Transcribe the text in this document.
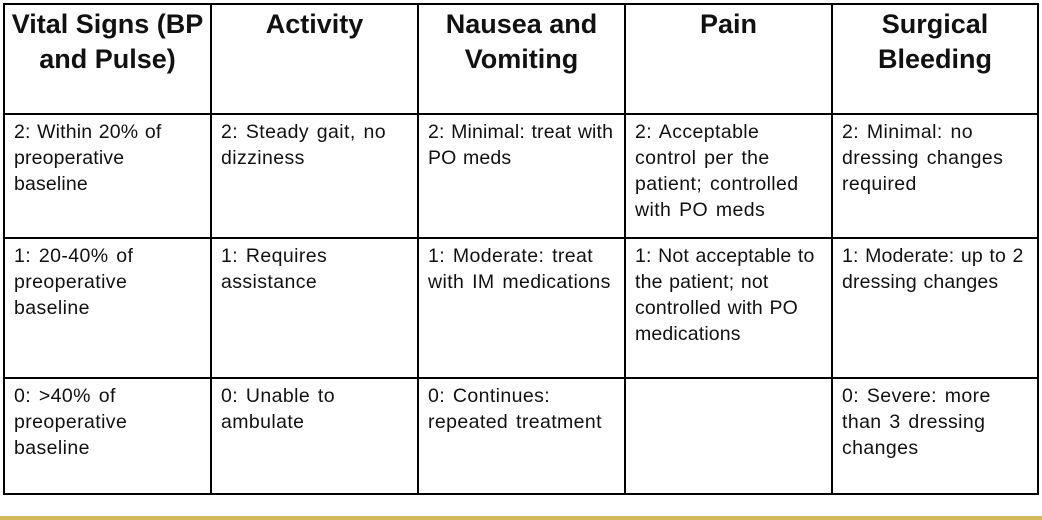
Vital Signs (BP and Pulse)	Activity	Nausea and Vomiting	Pain	Surgical Bleeding

2: Within 20% of preoperative baseline	2: Steady gait, no dizziness	2: Minimal: treat with PO meds	2: Acceptable control per the patient; controlled with PO meds	2: Minimal: no dressing changes required

1: 20-40% of preoperative baseline	1: Requires assistance	1: Moderate: treat with IM medications	1: Not acceptable to the patient; not controlled with PO medications	1: Moderate: up to 2 dressing changes

0: >40% of preoperative baseline	0: Unable to ambulate	0: Continues: repeated treatment		0: Severe: more than 3 dressing changes
